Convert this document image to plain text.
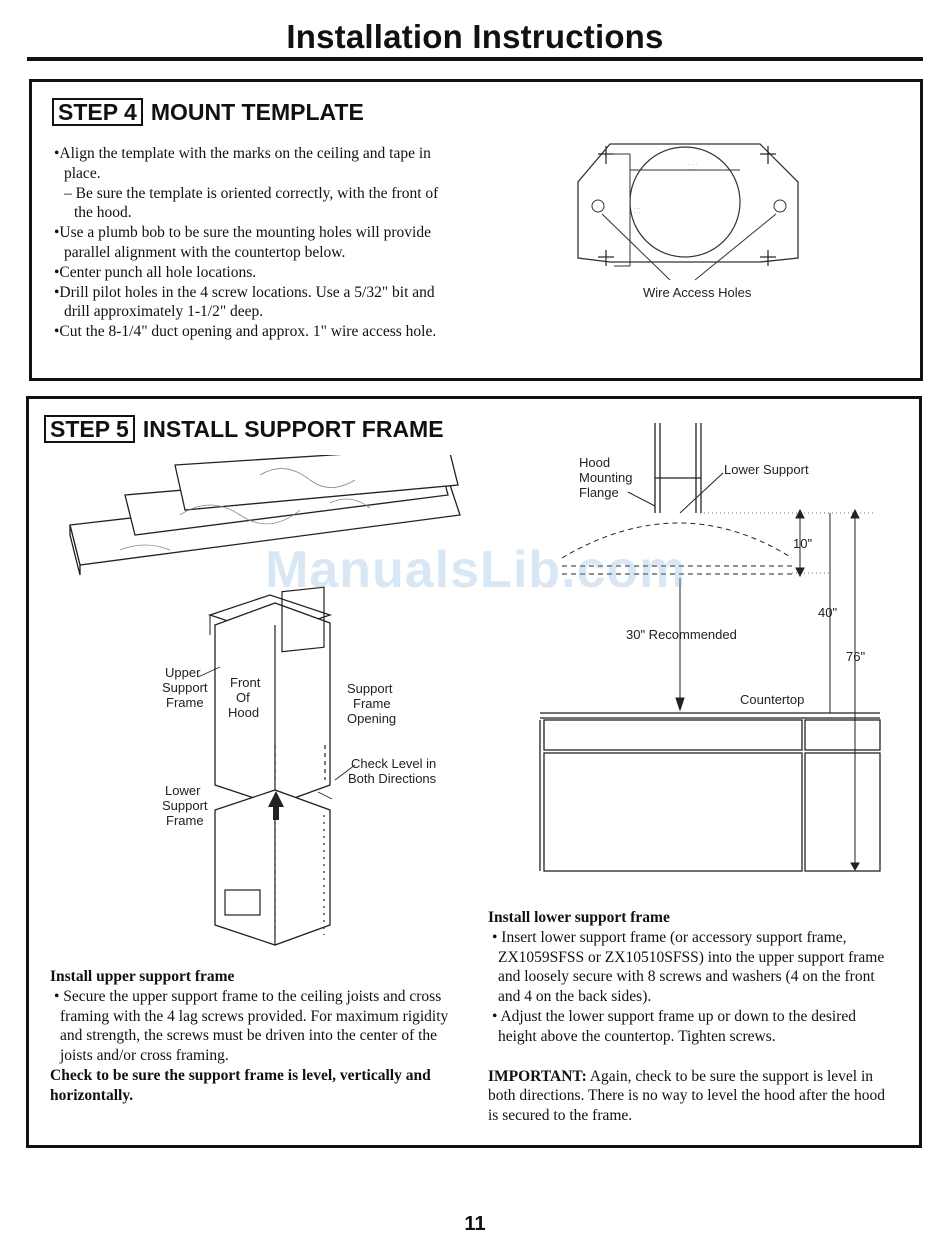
Installation Instructions
STEP 4 MOUNT TEMPLATE

•Align the template with the marks on the ceiling and tape in place.

– Be sure the template is oriented correctly, with the front of the hood.

•Use a plumb bob to be sure the mounting holes will provide parallel alignment with the countertop below.

•Center punch all hole locations.

•Drill pilot holes in the 4 screw locations. Use a 5/32" bit and drill approximately 1-1/2" deep.

•Cut the 8-1/4" duct opening and approx. 1" wire access hole.

· · · ·
· · ·
· · ·
· · ·
Wire Access Holes
STEP 5 INSTALL SUPPORT FRAME
Upper
Support
Frame
Front
Of
Hood
Support
Frame
Opening
Check Level in
Both Directions
Lower
Support
Frame
Hood
Mounting
Flange
Lower Support
10"
40"
76"
30" Recommended
Countertop

Install upper support frame

• Secure the upper support frame to the ceiling joists and cross framing with the 4 lag screws provided. For maximum rigidity and strength, the screws must be driven into the center of the joists and/or cross framing.

Check to be sure the support frame is level, vertically and horizontally.

Install lower support frame

• Insert lower support frame (or accessory support frame, ZX1059SFSS or ZX10510SFSS) into the upper support frame and loosely secure with 8 screws and washers (4 on the front and 4 on the back sides).

• Adjust the lower support frame up or down to the desired height above the countertop. Tighten screws.

IMPORTANT: Again, check to be sure the support is level in both directions. There is no way to level the hood after the hood is secured to the frame.

ManualsLib.com
11
